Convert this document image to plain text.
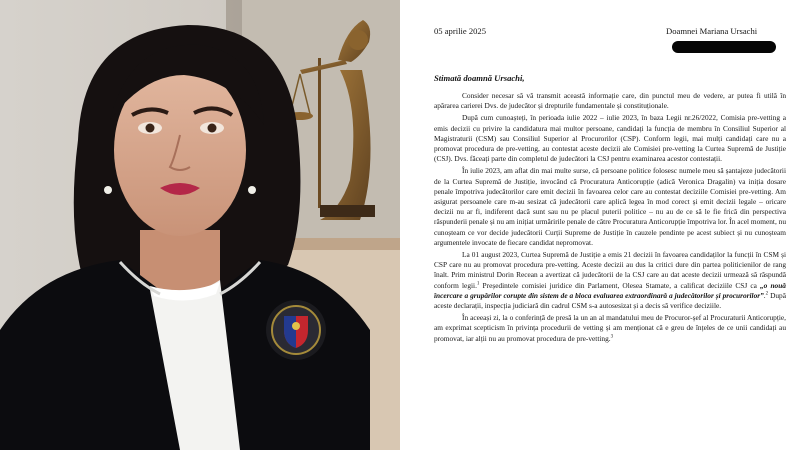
05 aprilie 2025	Doamnei Mariana Ursachi
Stimată doamnă Ursachi,

Consider necesar să vă transmit această informație care, din punctul meu de vedere, ar putea fi utilă în apărarea carierei Dvs. de judecător și drepturile fundamentale și constituționale.

După cum cunoașteți, în perioada iulie 2022 – iulie 2023, în baza Legii nr.26/2022, Comisia pre-vetting a emis decizii cu privire la candidatura mai multor persoane, candidați la funcția de membru în Consiliul Superior al Magistraturii (CSM) sau Consiliul Superior al Procurorilor (CSP). Conform legii, mai mulți candidați care nu a promovat procedura de pre-vetting, au contestat aceste decizii ale Comisiei pre-vetting la Curtea Supremă de Justiție (CSJ). Dvs. făceați parte din completul de judecători la CSJ pentru examinarea acestor contestații.

În iulie 2023, am aflat din mai multe surse, că persoane politice folosesc numele meu să șantajeze judecătorii de la Curtea Supremă de Justiție, invocând că Procuratura Anticorupție (adică Veronica Dragalin) va iniția dosare penale împotriva judecătorilor care emit decizii în favoarea celor care au contestat deciziile Comisiei pre-vetting. Am asigurat persoanele care m-au sesizat că judecătorii care aplică legea în mod corect și emit decizii legale – oricare decizii nu ar fi, indiferent dacă sunt sau nu pe placul puterii politice – nu au de ce să le fie frică din perspectiva răspunderii penale și nu am inițiat urmăririle penale de către Procuratura Anticorupție împotriva lor. În acel moment, nu cunoșteam ce vor decide judecătorii Curții Supreme de Justiție în cauzele pendinte pe acest subiect și nu cunoșteam argumentele invocate de fiecare candidat nepromovat.

La 01 august 2023, Curtea Supremă de Justiție a emis 21 decizii în favoarea candidaților la funcții în CSM și CSP care nu au promovat procedura pre-vetting. Aceste decizii au dus la critici dure din partea politicienilor de rang înalt. Prim ministrul Dorin Recean a avertizat că judecătorii de la CSJ care au dat aceste decizii urmează să răspundă conform legii.$^1$ Președintele comisiei juridice din Parlament, Olesea Stamate, a calificat deciziile CSJ ca „o nouă încercare a grupărilor corupte din sistem de a bloca evaluarea extraordinară a judecătorilor și procurorilor”.$^2$ După aceste declarații, inspecția judiciară din cadrul CSM s-a autosesizat și a decis să verifice deciziile.

În aceeași zi, la o conferință de presă la un an al mandatului meu de Procuror-șef al Procuraturii Anticorupție, am exprimat scepticism în privința procedurii de vetting și am menționat că e greu de înțeles de ce unii candidați au promovat, iar alții nu au promovat procedura de pre-vetting.$^3$
